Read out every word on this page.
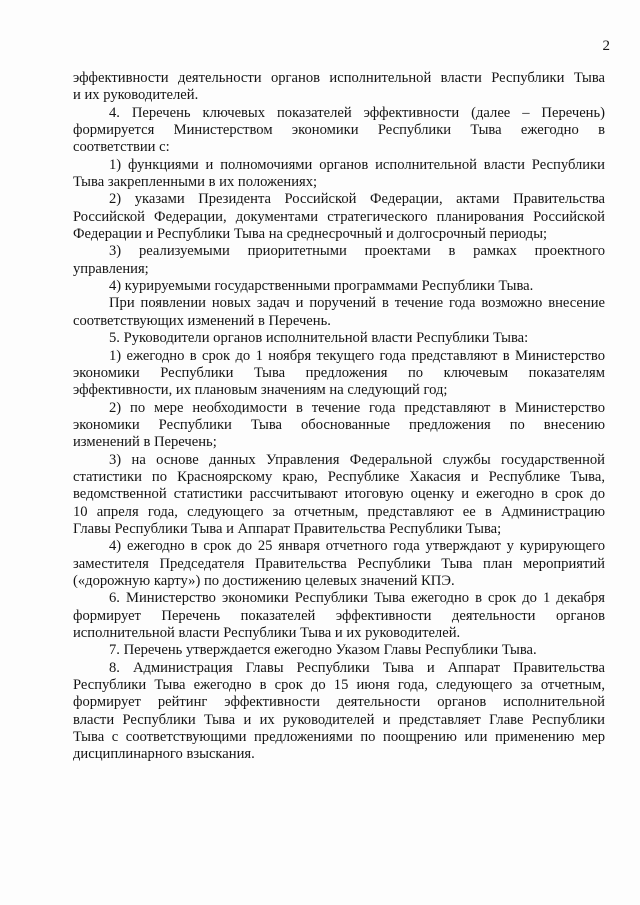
2
эффективности деятельности органов исполнительной власти Республики Тыва
и их руководителей.
4. Перечень ключевых показателей эффективности (далее – Перечень)
формируется Министерством экономики Республики Тыва ежегодно в
соответствии с:
1) функциями и полномочиями органов исполнительной власти Республики
Тыва закрепленными в их положениях;
2) указами Президента Российской Федерации, актами Правительства
Российской Федерации, документами стратегического планирования Российской
Федерации и Республики Тыва на среднесрочный и долгосрочный периоды;
3) реализуемыми приоритетными проектами в рамках проектного
управления;
4) курируемыми государственными программами Республики Тыва.
При появлении новых задач и поручений в течение года возможно внесение
соответствующих изменений в Перечень.
5. Руководители органов исполнительной власти Республики Тыва:
1) ежегодно в срок до 1 ноября текущего года представляют в Министерство
экономики Республики Тыва предложения по ключевым показателям
эффективности, их плановым значениям на следующий год;
2) по мере необходимости в течение года представляют в Министерство
экономики Республики Тыва обоснованные предложения по внесению
изменений в Перечень;
3) на основе данных Управления Федеральной службы государственной
статистики по Красноярскому краю, Республике Хакасия и Республике Тыва,
ведомственной статистики рассчитывают итоговую оценку и ежегодно в срок до
10 апреля года, следующего за отчетным, представляют ее в Администрацию
Главы Республики Тыва и Аппарат Правительства Республики Тыва;
4) ежегодно в срок до 25 января отчетного года утверждают у курирующего
заместителя Председателя Правительства Республики Тыва план мероприятий
(«дорожную карту») по достижению целевых значений КПЭ.
6. Министерство экономики Республики Тыва ежегодно в срок до 1 декабря
формирует Перечень показателей эффективности деятельности органов
исполнительной власти Республики Тыва и их руководителей.
7. Перечень утверждается ежегодно Указом Главы Республики Тыва.
8. Администрация Главы Республики Тыва и Аппарат Правительства
Республики Тыва ежегодно в срок до 15 июня года, следующего за отчетным,
формирует рейтинг эффективности деятельности органов исполнительной
власти Республики Тыва и их руководителей и представляет Главе Республики
Тыва с соответствующими предложениями по поощрению или применению мер
дисциплинарного взыскания.
